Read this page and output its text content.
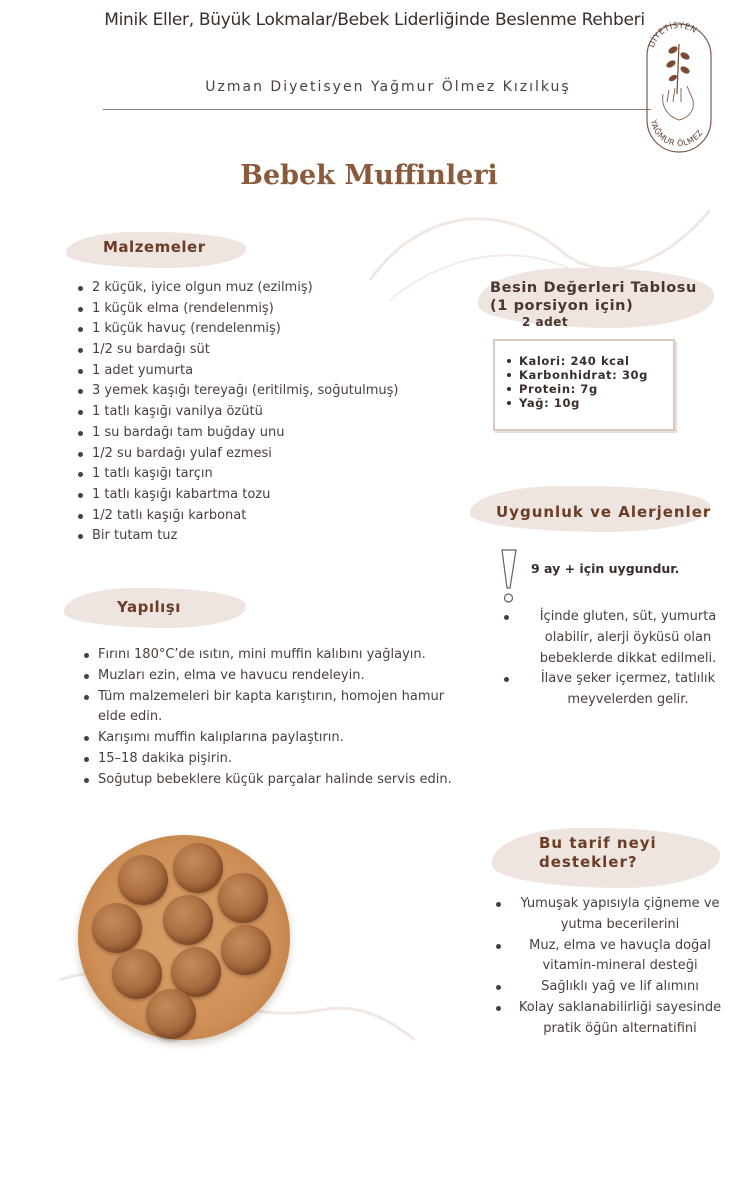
Minik Eller, Büyük Lokmalar/Bebek Liderliğinde Beslenme Rehberi
Uzman Diyetisyen Yağmur Ölmez Kızılkuş
DİYETİSYEN
YAĞMUR ÖLMEZ
Bebek Muffinleri
Malzemeler
2 küçük, iyice olgun muz (ezilmiş)
1 küçük elma (rendelenmiş)
1 küçük havuç (rendelenmiş)
1/2 su bardağı süt
1 adet yumurta
3 yemek kaşığı tereyağı (eritilmiş, soğutulmuş)
1 tatlı kaşığı vanilya özütü
1 su bardağı tam buğday unu
1/2 su bardağı yulaf ezmesi
1 tatlı kaşığı tarçın
1 tatlı kaşığı kabartma tozu
1/2 tatlı kaşığı karbonat
Bir tutam tuz
Yapılışı
Fırını 180°C’de ısıtın, mini muffin kalıbını yağlayın.
Muzları ezin, elma ve havucu rendeleyin.
Tüm malzemeleri bir kapta karıştırın, homojen hamur elde edin.
Karışımı muffin kalıplarına paylaştırın.
15–18 dakika pişirin.
Soğutup bebeklere küçük parçalar halinde servis edin.
Besin Değerleri Tablosu
(1 porsiyon için)
2 adet
Kalori: 240 kcal
Karbonhidrat: 30g
Protein: 7g
Yağ: 10g
Uygunluk ve Alerjenler
9 ay + için uygundur.
İçinde gluten, süt, yumurta olabilir, alerji öyküsü olan bebeklerde dikkat edilmeli.
İlave şeker içermez, tatlılık meyvelerden gelir.
Bu tarif neyi
destekler?
Yumuşak yapısıyla çiğneme ve yutma becerilerini
Muz, elma ve havuçla doğal vitamin-mineral desteği
Sağlıklı yağ ve lif alımını
Kolay saklanabilirliği sayesinde pratik öğün alternatifini
